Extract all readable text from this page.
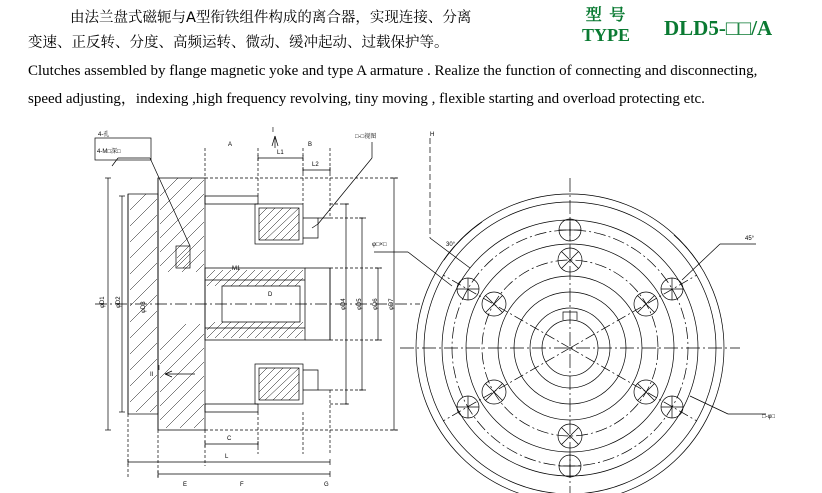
由法兰盘式磁轭与A型衔铁组件构成的离合器，实现连接、分离
变速、正反转、分度、高频运转、微动、缓冲起动、过载保护等。
型 号
TYPE DLD5-□□/A
Clutches assembled by flange magnetic yoke and type A armature . Realize the function of connecting and disconnecting,
speed adjusting，indexing ,high frequency revolving, tiny moving , flexible starting and overload protecting etc.
4-孔
4-M□深□
□-□视图
I
I
L1
L2
C
L
F	G
E
φD1 φD2	φD3	φD4 φD5 φD6 φD7
M1
D
A	B
II
H
φ□×□
45°
□-φ□
30°
